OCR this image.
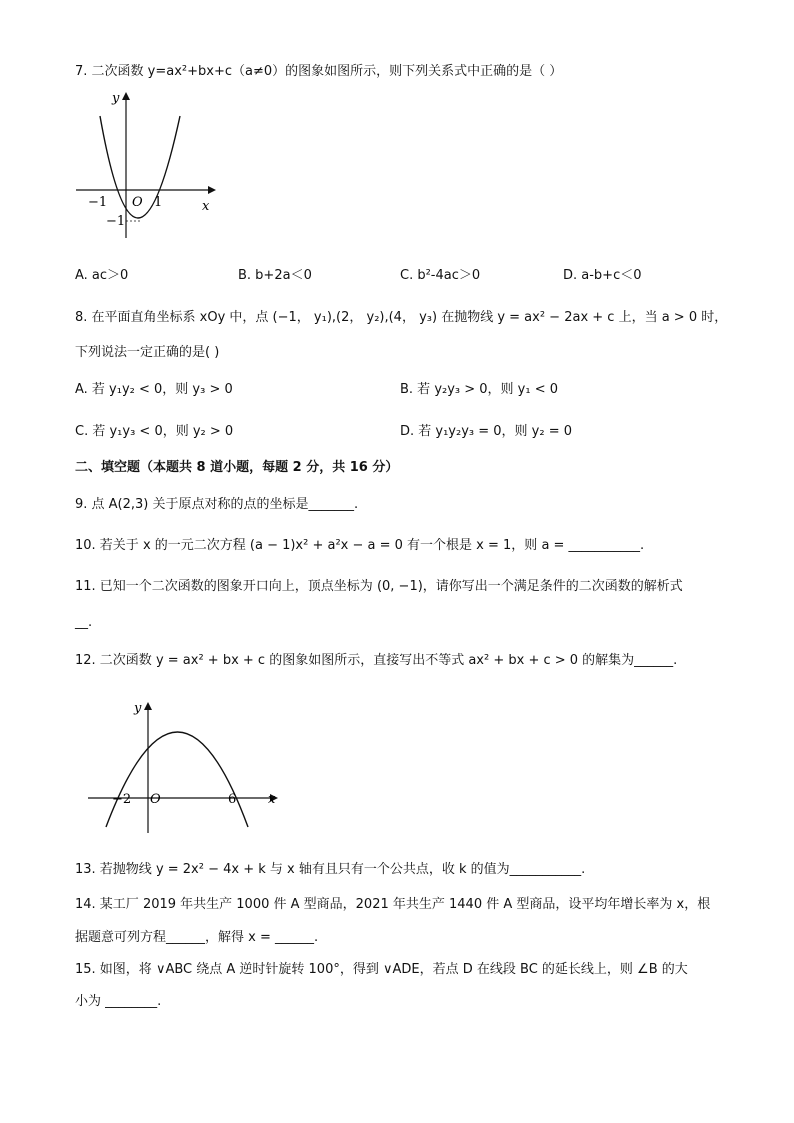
7. 二次函数 y=ax²+bx+c（a≠0）的图象如图所示，则下列关系式中正确的是（ ）
y
x
−1 O 1
−1
A. ac＞0	B. b+2a＜0	C. b²-4ac＞0	D. a-b+c＜0
8. 在平面直角坐标系 xOy 中，点 (−1， y₁),(2， y₂),(4， y₃) 在抛物线 y = ax² − 2ax + c 上，当 a > 0 时，
下列说法一定正确的是( )
A. 若 y₁y₂ < 0，则 y₃ > 0	B. 若 y₂y₃ > 0，则 y₁ < 0
C. 若 y₁y₃ < 0，则 y₂ > 0	D. 若 y₁y₂y₃ = 0，则 y₂ = 0
二、填空题（本题共 8 道小题，每题 2 分，共 16 分）
9. 点 A(2,3) 关于原点对称的点的坐标是_______.
10. 若关于 x 的一元二次方程 (a − 1)x² + a²x − a = 0 有一个根是 x = 1，则 a = ___________.
11. 已知一个二次函数的图象开口向上，顶点坐标为 (0, −1)，请你写出一个满足条件的二次函数的解析式
__.
12. 二次函数 y = ax² + bx + c 的图象如图所示，直接写出不等式 ax² + bx + c > 0 的解集为______.
y
x
−2 O	6
13. 若抛物线 y = 2x² − 4x + k 与 x 轴有且只有一个公共点，收 k 的值为___________.
14. 某工厂 2019 年共生产 1000 件 A 型商品，2021 年共生产 1440 件 A 型商品，设平均年增长率为 x，根
据题意可列方程______，解得 x = ______.
15. 如图，将 ∨ABC 绕点 A 逆时针旋转 100°，得到 ∨ADE，若点 D 在线段 BC 的延长线上，则 ∠B 的大
小为 ________.
